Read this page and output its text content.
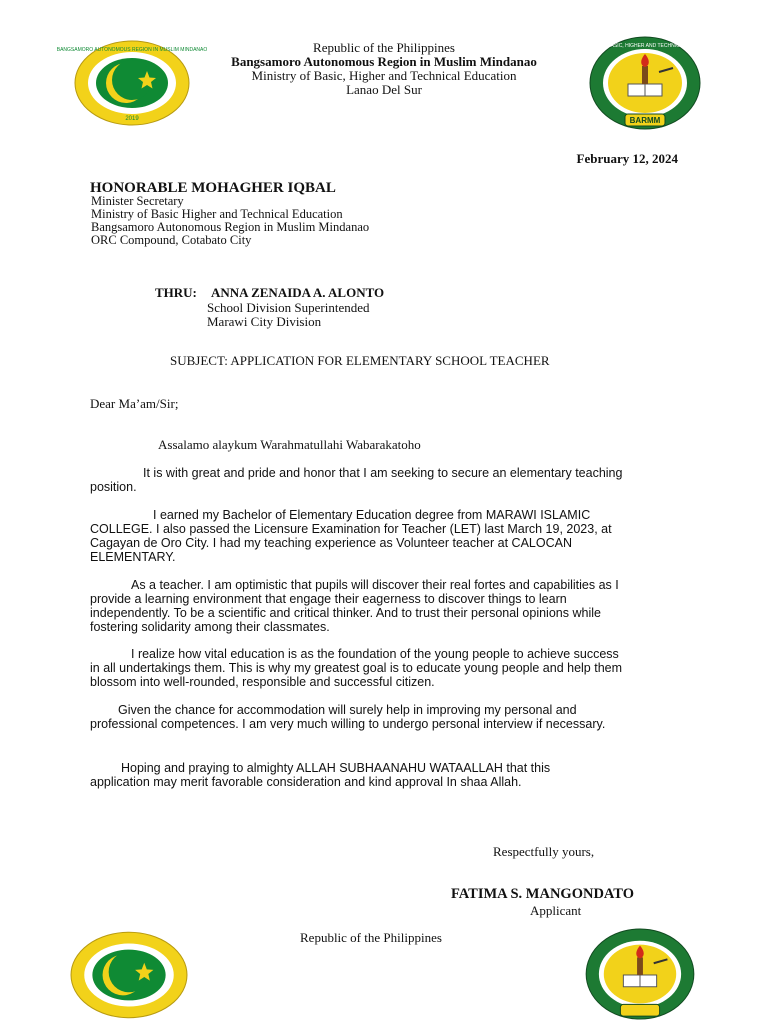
BANGSAMORO AUTONOMOUS REGION IN MUSLIM MINDANAO
2019
MINISTRY OF BASIC, HIGHER AND TECHNICAL EDUCATION
BARMM
Republic of the Philippines
Bangsamoro Autonomous Region in Muslim Mindanao
Ministry of Basic, Higher and Technical Education
Lanao Del Sur
February 12, 2024
HONORABLE MOHAGHER IQBAL
Minister Secretary
Ministry of Basic Higher and Technical Education
Bangsamoro Autonomous Region in Muslim Mindanao
ORC Compound, Cotabato City
THRU: ANNA ZENAIDA A. ALONTO
School Division Superintended
Marawi City Division
SUBJECT: APPLICATION FOR ELEMENTARY SCHOOL TEACHER
Dear Ma’am/Sir;
Assalamo alaykum Warahmatullahi Wabarakatoho
It is with great and pride and honor that I am seeking to secure an elementary teaching
position.
I earned my Bachelor of Elementary Education degree from MARAWI ISLAMIC
COLLEGE. I also passed the Licensure Examination for Teacher (LET) last March 19, 2023, at
Cagayan de Oro City. I had my teaching experience as Volunteer teacher at CALOCAN
ELEMENTARY.
As a teacher. I am optimistic that pupils will discover their real fortes and capabilities as I
provide a learning environment that engage their eagerness to discover things to learn
independently. To be a scientific and critical thinker. And to trust their personal opinions while
fostering solidarity among their classmates.
I realize how vital education is as the foundation of the young people to achieve success
in all undertakings them. This is why my greatest goal is to educate young people and help them
blossom into well-rounded, responsible and successful citizen.
Given the chance for accommodation will surely help in improving my personal and
professional competences. I am very much willing to undergo personal interview if necessary.
Hoping and praying to almighty ALLAH SUBHAANAHU WATAALLAH that this
application may merit favorable consideration and kind approval In shaa Allah.
Respectfully yours,
FATIMA S. MANGONDATO
Applicant
Republic of the Philippines
